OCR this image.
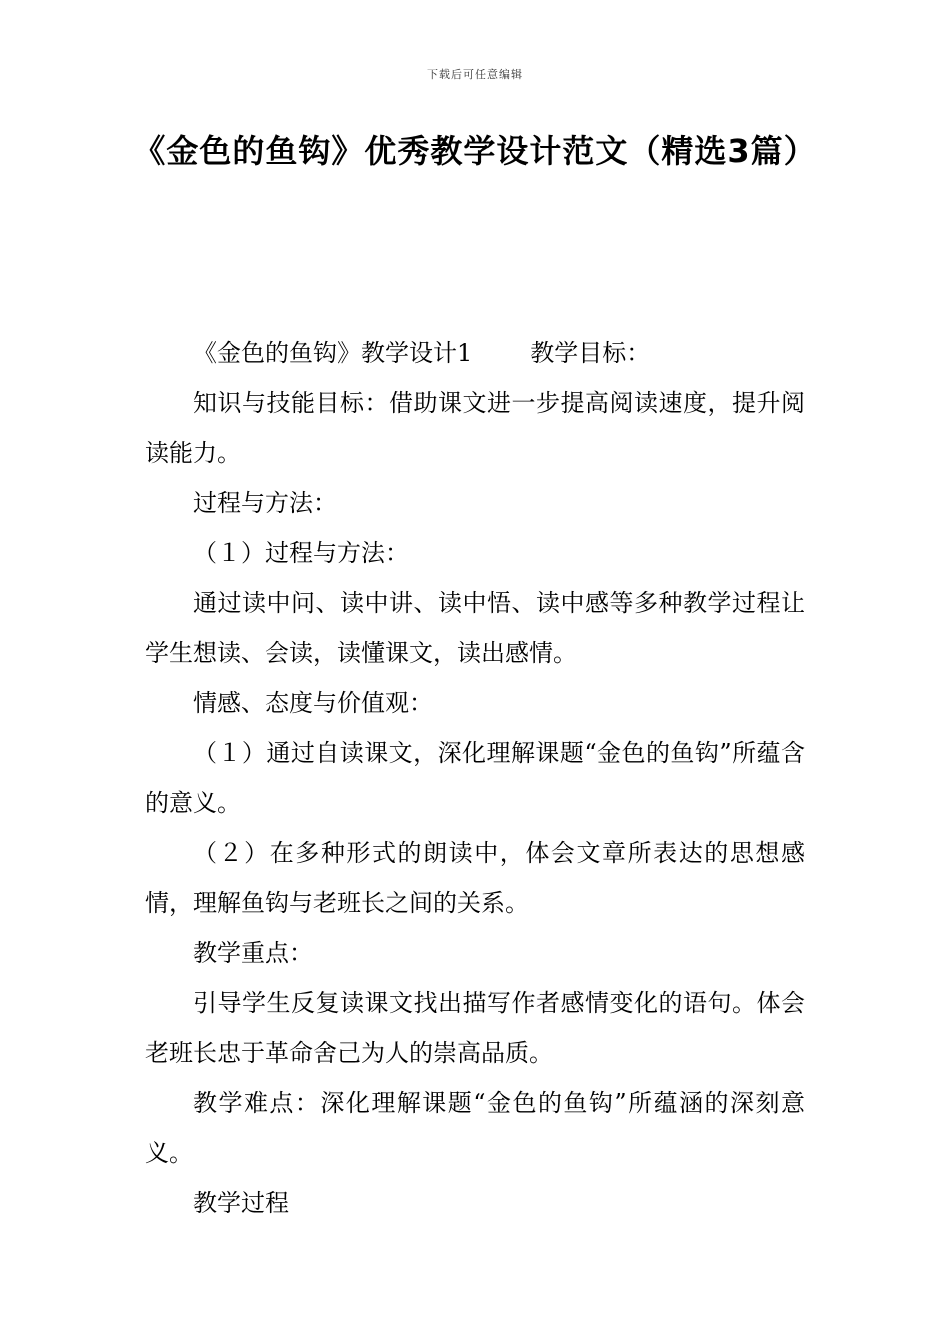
下载后可任意编辑
《金色的鱼钩》优秀教学设计范文（精选3篇）

《金色的鱼钩》教学设计1 教学目标：

知识与技能目标：借助课文进一步提高阅读速度，提升阅读能力。

过程与方法：

（１）过程与方法：

通过读中问、读中讲、读中悟、读中感等多种教学过程让学生想读、会读，读懂课文，读出感情。

情感、态度与价值观：

（１）通过自读课文，深化理解课题“金色的鱼钩”所蕴含的意义。

（２）在多种形式的朗读中，体会文章所表达的思想感情，理解鱼钩与老班长之间的关系。

教学重点：

引导学生反复读课文找出描写作者感情变化的语句。体会老班长忠于革命舍己为人的崇高品质。

教学难点：深化理解课题“金色的鱼钩”所蕴涵的深刻意义。

教学过程
